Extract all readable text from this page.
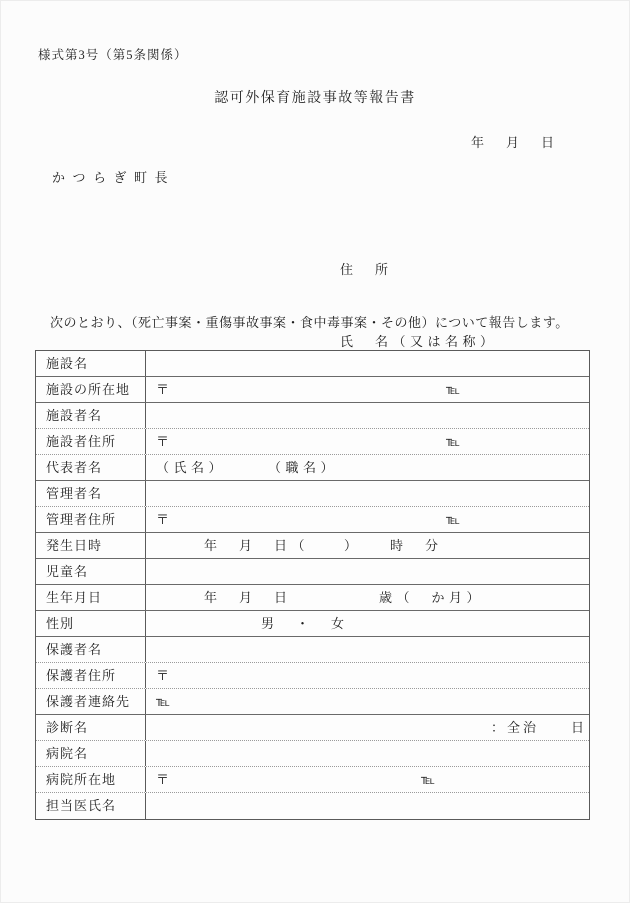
様式第3号（第5条関係）
認可外保育施設事故等報告書
年　月　日
かつらぎ町長

住　所

氏　名（又は名称）

次のとおり、（死亡事案・重傷事故事案・食中毒事案・その他）について報告します。
施設名
施設の所在地	〒	℡
施設者名
施設者住所	〒	℡
代表者名	（氏名）	（職名）
管理者名
管理者住所	〒	℡
発生日時	年　月　日（　　）　　時　分
児童名
生年月日	年　月　日　　　　　歳（　か月）
性別	男　・　女
保護者名
保護者住所	〒
保護者連絡先	℡
診断名	：全治　　日
病院名
病院所在地	〒	℡
担当医氏名
